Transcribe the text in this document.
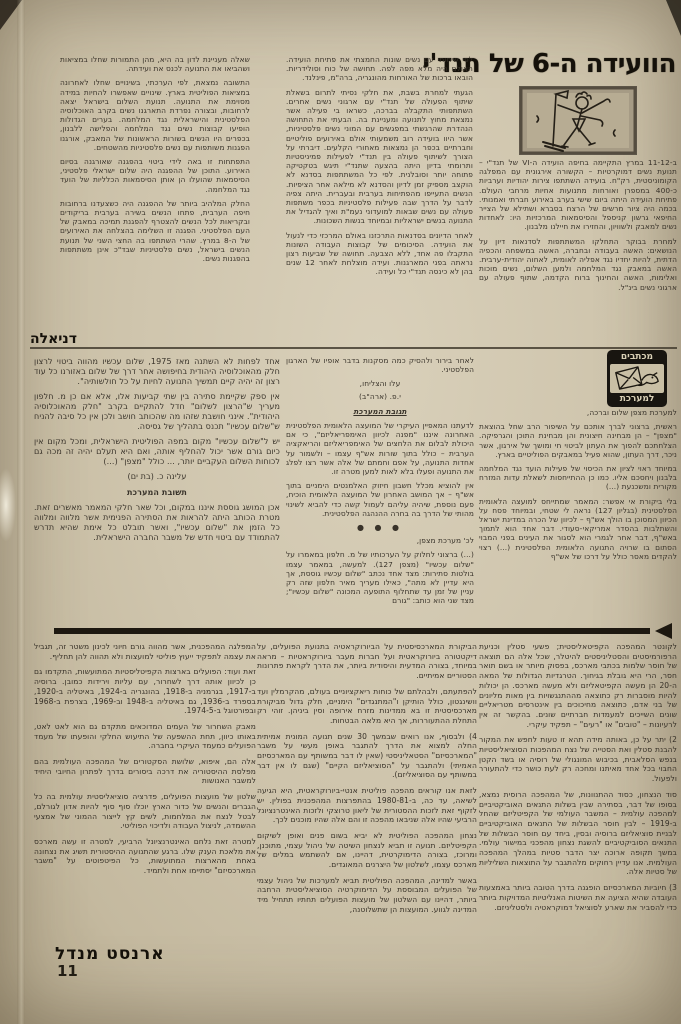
הוועידה ה-6 של תנד'י

ב-11-12 במרץ התקיימה בחיפה הועידה ה-VI של תנד"י – תנועת נשים דמוקרטיות – הקשורה אירגונית עם המפלגה הקומוניסטית, רק"ח. בועידה השתתפו צירות יהודיות וערביות כ-400 במספרן ואורחות מתנועות אחיות מרחבי העולם. פתיחת הועידה היתה ביום שישי בערב באירוע חברתי ואמנותי. בכמה היה ציור מרשים של הרצח בסברא ושתילא של הצייר החיפאי גרשון קניספל והסיסמאות המרכזיות היו: לאחדות נשים למאבק ולשוויון, והחזירו את חיילנו מלבנון.

למחרת בבוקר התחלקו המשתתפות לסדנאות דיון על הנושאים: האשה בעבודה ובחברה, האשה במשפחה והכפיה הדתית, להיות יחדיו נגד אפליה לאומית, לאחוה יהודית-ערבית. האשה במאבק נגד המלחמה ולמען השלום, נשים מוכות ואלימות, האשה והחינוך ברוח הקדמה, שתוף פעולה עם ארגוני נשים בינ"ל.

לפי שיחותי עם נשים שונות החמצתי את פתיחת הועידה. האולם היה מלא מפה לפה. תחושה של כוח וסולידריות. הובאו ברכות של האורחות מהונגריה, ברה"מ, פינלנד.

הגעתי למחרת בשבת, את חלקי נסיתי לתרום בשאלת שיתוף הפעולה של תנד"י עם ארגוני נשים אחרים. השתתפותי התקבלה בברכה, כשראו בי פעילה אשר נמצאת מחוץ לתנועה ומעניינת בה. הבעתי את התחושה הנהדרת שהרגשתי במפגשים עם המוני נשים פלסטיניות, אשר היוו בועידה רוב משמעותי אולם באירועים פוליטיים וחברתיים בכפר הן נמצאות מאחורי הקלעים. דיברתי על הצורך לשיתוף פעולה בין תנד"י לפעילות פמיניסטיות ותרומתי בדיון היתה בהצעה שתנד"י תיגש בטקטיקה פתוחה יותר וסובלנית. לפי כל המשתתפות בסדנא לא הוקצב מספיק זמן לדיון והסדנא לא מילאה אחר הציפיות. הנשים התעייפו מהפתיחות בערבית ובעברית. היתה צפיה לדבר על הדרך שבה פעילות פלסטיניות בכפר משתפות פעולה עם נשים שבאות למועדוני נעמ"ת ואיך להגדיל את התנועה בנשים ישראליות ובמיוחד בנשות השכונות.

לאחר הדיונים בסדנאות התרכזנו באולם המרכזי כדי לנעול את הועידה. הסיכומים של קבוצות העבודה השונות התקבלו פה אחד, ללא הצבעה. תחושה של שביעות רצון נראתה בפני המארגנות. ועידה מוצלחת לאחר 12 שנים בהן לא כינסה תנד"י כל ועידה.

שאלה מעניינת לדון בה היא, מהן התמורות שחלו במציאות ושהביאו את התנועה לכנס את ועידתה.

התשובה נמצאת, לפי הערכתי, בשינויים שחלו לאחרונה במציאות הפוליטית בארץ. שינויים שאפשרו להחיות במידה מסוימת את התנועה. תנועת השלום בישראל יצאה לרחובות, ובצורה נפרדת התארגנו נשים בקרב האוכלוסיה הפלסטינית והישראלית נגד המלחמה. בערים הגדולות הופיעו קבוצות נשים נגד המלחמה והפלישה ללבנון, בכפרים היו הנשים בשורות הראשונות של המאבק, אורגנו הפגנות משותפות עם נשים פלסטיניות מהשטחים.

התפתחות זו באה לידי ביטוי בהפגנה שאורגנה בסיום האירוע. התוכן של ההפגנה היה שלום ישראלי פלסטיני, הסיסמאות שהועלו הן אותן הסיסמאות הכלליות של הועד נגד המלחמה.

החלק המלהיב ביותר של ההפגנה היה כשצעדנו ברחובות חיפה הערבית, פתחו הנשים בשירה בערבית בריקודים ובקריאות לכל הנשים להצטרף להפגנת תמיכה במאבק של העם הפלסטיני. הפגנה זו השלימה בהצלחה את האירועים של ה-8 במרץ. שהרי השתתפו בה החצי השני של תנועת הנשים בישראל, נשים פלסטיניות שבד"כ אינן משתתפות בהפגנות נשים.

דניאלה
מכתבים
למערכת
למערכת מצפן שלום וברכה,

ראשית, ברצוני לברך אותכם על השיפור הרב שחל בהוצאת "מצפן" – הן מבחינה חיצונית והן מבחינת התוכן והגרפיקה. הצלחתכם להפוך את העתון לביטוי חי ומושך של אירגון, אשר ניכר, דרך העתון, שהוא פעיל במאבקים הפוליטיים בארץ.

במיוחד ראוי לציון את הכיסוי של פעילות הועד נגד המלחמה בלבנון ויחסכם אליו. כמו כן ההתייחסות לשאלת עדות המזרח מקורית ומשכנעת (...)

בלי ביקורת אי אפשר: המאמר שמתייחס למועצה הלאומית הפלסטינית (בגליון 127) נראה לי שטחי, ובמיוחד פסח על הכיוון המסוכן בו הולך אש"ף – לכיוון של הכרה במדינת ישראל והשתלבות בהסדר אמריקאי-סעודי. דבר אחד הוא לתמוך באש"ף, דבר אחר לגמרי הוא לסגור את העינים בפני המבוי הסתום בו שרויה התנועה הלאומית הפלסטינית (...) רצוי להקדים מאסר כולל על דרכו של אש"ף

לאחר בירור ולהסיק כמה מסקנות בדבר אופיו של הארגון הפלסטיני.

עלו והצליחו,
י.פ. (ארה"ב)
תגובת המערכת

לדעתנו המאפיין העיקרי של המועצה הלאומית הפלסטינית האחרונה איננו "מפנה לכיוון האימפריאליזם", כי אם היכולת לבלום את הלחצים של האימפריאליזם והריאקציה הערבית – כולל בתוך שורות אש"ף עצמו – ולשמור על אחדות התנועה, על אפם וחמתם של אלה אשר רצו לפלג את התנועה ופעלו בלא לאות למען מטרה זו.

אין להוציא מכלל חשבון חיזוק האלמנטים הימניים בתוך אש"ף – אך המושב האחרון של המועצה הלאומית הוכיח, פעם נוספת, שיהיה עליהם לעמול קשה כדי להביא לשינוי מהותי של הדרך בה בחרה ההנהגה הפלסטינית.

● ● ●
לכ' מערכת מצפן,

(...) ברצוני לחלוק על הערכותיו של מ. חלפון במאמרו על "שלום עכשיו" (מצפן 127). למעשה, במאמר עצמו בולטות סתירות: מצד אחד נכתב "שלום עכשיו גוססת, אך היא עדיין לא מתה", כאילו מעריך מאיר חלפון שזה רק עניין של זמן עד שתחלוף התופעה המכונה "שלום עכשיו"; מצד שני הוא כותב: "גורם

אחד לפחות לא השתנה מאז 1975, שלום עכשיו מהווה ביטוי לרצון חלק מהאוכלוסיה היהודית בחיפושה אחר דרך של שלום באזורנו כל עוד רצון זה יהיה קיים תמשיך התנועה לחיות על כל חולשותיה".

אין ספק שקיימת סתירה בין שתי קביעות אלו, אלא אם כן מ. חלפון מעריך ש"הרצון לשלום" חדל להתקיים בקרב "חלק מהאוכלוסיה היהודית". אינני חושבת שזהו מה שהכותב חושב ולכן אין כל סיבה להניח ש"שלום עכשיו" תכנס בתהליך של גסיסה.

יש ל"שלום עכשיו" מקום במפה הפוליטית הישראלית, ומכל מקום אין כיום גורם אשר יכול להחליף אותה, ואם היא תעלם יהיה זה מכה גם לכוחות השלום העקביים יותר, ... כולל "מצפן" (...)

עלינה כ. (בת ים)
תשובת המערכת

אכן המושג גוססת איננו במקום, וכל שאר חלקי המאמר מאשרים זאת. מטרת הכותב היתה להראות את הסתירה הפנימית אשר מלווה ומלווה כל הזמן את "שלום עכשיו", ואשר תובלט כל אימת שהיא תדרש להתמודד עם ביטוי חדש של משבר החברה הישראלית.

לקונטר המהפכה הקפיטאליסטית; פשעי סטלין וכניעת הרפורמיסטים והסטליניסטים להיטלר, שכל אלה הם תוצאה של חוסר שלמות בכתבי מארכס, בפסוק מיותר או בשם תואר חסר, הרי היא גובלת בגיחוך. הטרגדיות הגדולות של המאה ה-20 הן מעשה הקפיטאליזם ולא מעשה מארכס. הן יכולות להיות מוסברות רק כתוצאה מההתנגשויות בין מאות מליונים של בני אדם, כתוצאה מחיכוכים בין אינטרסים מטריאליים שונים השייכים למעמדות חברתיים שונים. בהקשר זה אין לרעיונות – "טובים" או "רעים" – תפקיד עיקרי.

2) יתר על כן, באותה מידה תהא זו טעות לחפש את המקור להבנת סטלין ואת הסטייה של נצח המהפכות הסוציאליסטיות בנפש הסלאבית, בכיבוש המונגולי של רוסיה או בשד הקטן החבוי בכל אחד מאיתנו ומחכה רק לעת כושר כדי להתעורר ולפעול.

סוד הנצחון, כסוד ההתנוונות, של המהפכה הרוסית נמצא, בסופו של דבר, בסתירה שבין בשלות התנאים האוביקטיביים למהפכה עולמית – המשבר העולמי של הקפיטליזם שהחל ב-1919 – לבין חוסר הבשלות של התנאים האוביקטיביים לבניית סוציאליזם ברוסיה ובסין, ביחד עם חוסר הבשלות של התנאים הסוביקטיביים להשגת נצחון מהפכני במישור עולמי. במשך תקופה ארוכה יצר הדבר סטיות במהלך המהפכה העולמית. אנו עדיין רחוקים מלהתגבר על התוצאות השליליות של סטיות אלה.

3) חיוביות המארכסיזם הופגנה בדרך הטובה ביותר באמצעות העובדה שהיא הציעה את השיטות האנליטיות המדויקות ביותר כדי להסביר את שארע לסוציאל דמוקראטיה ולסטליניזם.

הביקורת המארכסיסטית על הביורוקראטיה בתנועת הפועלים, על דיקטטורה ביורוקראטית ועל חברות מעבר ביורוקראטיות – מראה במיוחד, בצורה המדעית והיסודית ביותר, את הדרך לקראת פתרונות הסטוריים אמיתיים.

להפתעתם, ולבהלתם של כוחות ריאקציוניים בעולם, מהקרמלין ועד וושינגטון, כולל הותיקן ו"המתנגדים" הימניים, חלק גדול מביקורת מארכסיסטית זו בא ממדינות מזרח אירופה וסין ביניהן. זוהי רק התחלת ההתעוררות, אך היא מלאה הבטחות.

4) ולבסוף, אנו רואים שבמשך 30 שנים תנועה המונית אמיתית החלה למצוא את הדרך להתגבר באופן מעשי על משבר "המארכסיזם" הסטאליניסטי (שאין לו דבר במשותף עם המארכסיזם האמיתי) ולהתגבר על "הסוציאליזם הקיים" (שגם לו אין דבר במשותף עם הסוציאליזם).

לזאת אנו קוראים מהפכה פוליטית אנטי-ביורוקראטית, היא הגיעה לשיאה, עד כה, ב-1980-81 בהתפרצות המהפכנית בפולין. יש לזקוף זאת לזכות ההסטורית של ליאון טרוצקי ולזכות האינטרנציונל הרביעי שהיו אלה שניבאו מהפכה זו והם אלה שהיו מוכנים לכך.

נצחון המהפכה הפוליטית לא יביא בשום פנים ואופן לשיקום הקפיטליזם. תנועה זו תביא לנצחון השיטה של ניהול עצמי, מתוכנן, ומרוכז, בצורה הדימוקרטית, דהיינו, אם להשתמש במלים של מארכס עצמו, לשלטון של היצרנים המאוגדים.

באשר למדינה, המהפכה הפוליטית תביא למערכות של ניהול עצמי של הפועלים המבוססת על הדימוקרטיה הסוציאליסטית הרחבה ביותר, דהיינו עם השלטון של מועצות הפועלים תחתיו תתחיל מיד המדינה לגווע. המועצות הן שתשלוטנה,

המפלגה המהפכנית, אשר מהווה גורם חיוני לכינון משטר זה, תגביל את עצמה לתפקיד ייעוץ פוליטי למועצות ולא תהווה להן תחליף.

זאת ועוד: הפועלים בארצות הקפיטליסטיות המתועשות, התקדמו גם כן לכיוון אותה דרך לשחרור, עם עליות וירידות כמובן. ברוסיה ב-1917, בגרמניה ב-1918, בהונגריה ב-1924, באיטליה ב-1920, בספרד ב-1936, גם באיטליה ב-1948 וב-1969, בצרפת ב-1968 ובפורטוגל ב-1974-5.

מאבק השחרור של העמים המדוכאים מתקדם גם הוא לאט לאט, באותו כיוון, תחת ההשפעה של התיעוש החלקי והופעתו של מעמד הפועלים כמעמד העיקרי בחברה.

אלה הם, איפוא, שלושת הסקטורים של המהפכה העולמית בהם מפלסת ההיסטוריה את דרכה ביסורים בדרך לפתרון החיובי היחיד למשבר האנושות

שלטון של מועצות הפועלים, פדרציה סוציאליסטית עולמית בה כל הגברים והנשים של כדור הארץ יוכלו סוף סוף להיות אדון לגורלם, לבטל לנצח את המלחמות, לשים קץ לייצור ההמוני של אמצעי ההשמדה, לניצול העבודה ולדיכוי הפוליטי.

למטרה זאת נלחם האינטרנציונל הרביעי, למטרה זו עשה מארכס את מלאכת הענק שלו. ברגע שהתנועה ההיסטורית תשיג את נצחונה באחת מהארצות המתועשות, כל הפיטפוטים על "משבר המארכסיזם" יסתיימו אחת ולתמיד.

ארנסט מנדל
11
